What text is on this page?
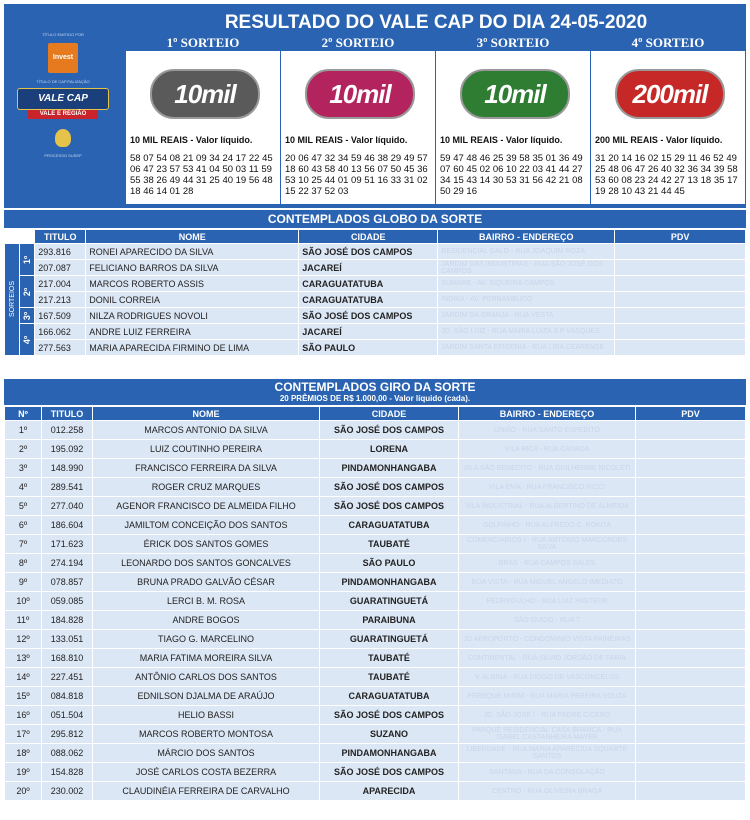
TÍTULO EMITIDO POR
Invest
TÍTULO DE CAPITALIZAÇÃO
VALE CAP
VALE E REGIÃO
PROCESSO SUSEP
RESULTADO DO VALE CAP DO DIA 24-05-2020
1º SORTEIO
10mil
10 MIL REAIS - Valor líquido.
58 07 54 08 21 09 34 24 17 22 45 06 47 23 57 53 41 04 50 03 11 59 55 38 26 49 44 31 25 40 19 56 48 18 46 14 01 28
2º SORTEIO
10mil
10 MIL REAIS - Valor líquido.
20 06 47 32 34 59 46 38 29 49 57 18 60 43 58 40 13 56 07 50 45 36 53 10 25 44 01 09 51 16 33 31 02 15 22 37 52 03
3º SORTEIO
10mil
10 MIL REAIS - Valor líquido.
59 47 48 46 25 39 58 35 01 36 49 07 60 45 02 06 10 22 03 41 44 27 34 15 43 14 30 53 31 56 42 21 08 50 29 16
4º SORTEIO
200mil
200 MIL REAIS - Valor líquido.
31 20 14 16 02 15 29 11 46 52 49 25 48 06 47 26 40 32 36 34 39 58 53 60 08 23 24 42 27 13 18 35 17 19 28 10 43 21 44 45
CONTEMPLADOS GLOBO DA SORTE
		TITULO	NOME	CIDADE	BAIRRO - ENDEREÇO	PDV

SORTEIOS	1º	293.816	RONEI APARECIDO DA SILVA	SÃO JOSÉ DOS CAMPOS	RESIDENCIAL GALO - RUA JOAQUIM ROZA	
		207.087	FELICIANO BARROS DA SILVA	JACAREÍ	JARDIM DAS INDUSTRIAS - RUA SÃO JOSÉ DOS CAMPOS	

	2º	217.004	MARCOS ROBERTO ASSIS	CARAGUATATUBA	SUMARE - AV. SIQUEIRA CAMPOS	
		217.213	DONIL CORREIA	CARAGUATATUBA	INDAIA - AV. PERNAMBUCO	

	3º	167.509	NILZA RODRIGUES NOVOLI	SÃO JOSÉ DOS CAMPOS	JARDIM DA GRANJA - RUA VESTA	

	4º	166.062	ANDRE LUIZ FERREIRA	JACAREÍ	JD. SÃO LUIZ - RUA MARIA LUIZA S P VASQUES	
		277.563	MARIA APARECIDA FIRMINO DE LIMA	SÃO PAULO	JARDIM SANTA EFIGENIA - RUA LIRA CEARENSE	
CONTEMPLADOS GIRO DA SORTE
20 PRÊMIOS DE R$ 1.000,00 - Valor líquido (cada).
Nº	TITULO	NOME	CIDADE	BAIRRO - ENDEREÇO	PDV
1º	012.258	MARCOS ANTONIO DA SILVA	SÃO JOSÉ DOS CAMPOS	UNIÃO - RUA SANTO EXPEDITO	
2º	195.092	LUIZ COUTINHO PEREIRA	LORENA	VILA RICA - RUA CANADA	
3º	148.990	FRANCISCO FERREIRA DA SILVA	PINDAMONHANGABA	VILA SÃO BENEDITO - RUA GUILHERME NICOLETI	
4º	289.541	ROGER CRUZ MARQUES	SÃO JOSÉ DOS CAMPOS	VILA EMA - RUA FRANCISCO RICCI	
5º	277.040	AGENOR FRANCISCO DE ALMEIDA FILHO	SÃO JOSÉ DOS CAMPOS	VILA INDUSTRIAL - RUA ALBERTINO DE ALMEIDA	
6º	186.604	JAMILTOM CONCEIÇÃO DOS SANTOS	CARAGUATATUBA	GOLFINHO - RUA ALFREDO C. ROKITA	
7º	171.623	ÉRICK DOS SANTOS GOMES	TAUBATÉ	COMERCIARIOS I - RUA ANTONIO MARCONDES SILVA	
8º	274.194	LEONARDO DOS SANTOS GONCALVES	SÃO PAULO	BRAS - RUA CAMPOS SALES	
9º	078.857	BRUNA PRADO GALVÃO CÉSAR	PINDAMONHANGABA	BOA VISTA - RUA MIGUEL ANGELO IMEDIATO	
10º	059.085	LERCI B. M. ROSA	GUARATINGUETÁ	PEDREGULHO - RUA LUIZ PASTEUR	
11º	184.828	ANDRE BOGOS	PARAIBUNA	SÃO GUIDO - RUA 7	
12º	133.051	TIAGO G. MARCELINO	GUARATINGUETÁ	JD AEROPORTO - CONDOMINIO VISTA PAINEIRAS	
13º	168.810	MARIA FATIMA MOREIRA SILVA	TAUBATÉ	CONTINENTAL - RUA SILVIO JORDÃO DE FARIA	
14º	227.451	ANTÔNIO CARLOS DOS SANTOS	TAUBATÉ	V. ALBINA - RUA DIOGO DE VASCONCELOS	
15º	084.818	EDNILSON DJALMA DE ARAÚJO	CARAGUATATUBA	PEREQUE MIRIM - RUA MARIA PEREIRA SOUZA	
16º	051.504	HELIO BASSI	SÃO JOSÉ DOS CAMPOS	JD. SÃO JOSÉ I - RUA PADRE CICERO	
17º	295.812	MARCOS ROBERTO MONTOSA	SUZANO	PARQUE RESIDENCIAL CASA BRANCA - RUA ISABEL CASTANHEIRA MAYER	
18º	088.062	MÁRCIO DOS SANTOS	PINDAMONHANGABA	LIBERDADE - RUA MARIA APARECIDA SQUARTE SANTOS	
19º	154.828	JOSÉ CARLOS COSTA BEZERRA	SÃO JOSÉ DOS CAMPOS	SANTANA - RUA DA CONSOLAÇÃO	
20º	230.002	CLAUDINÉIA FERREIRA DE CARVALHO	APARECIDA	CENTRO - RUA OLIVEIRA BRAGA	
